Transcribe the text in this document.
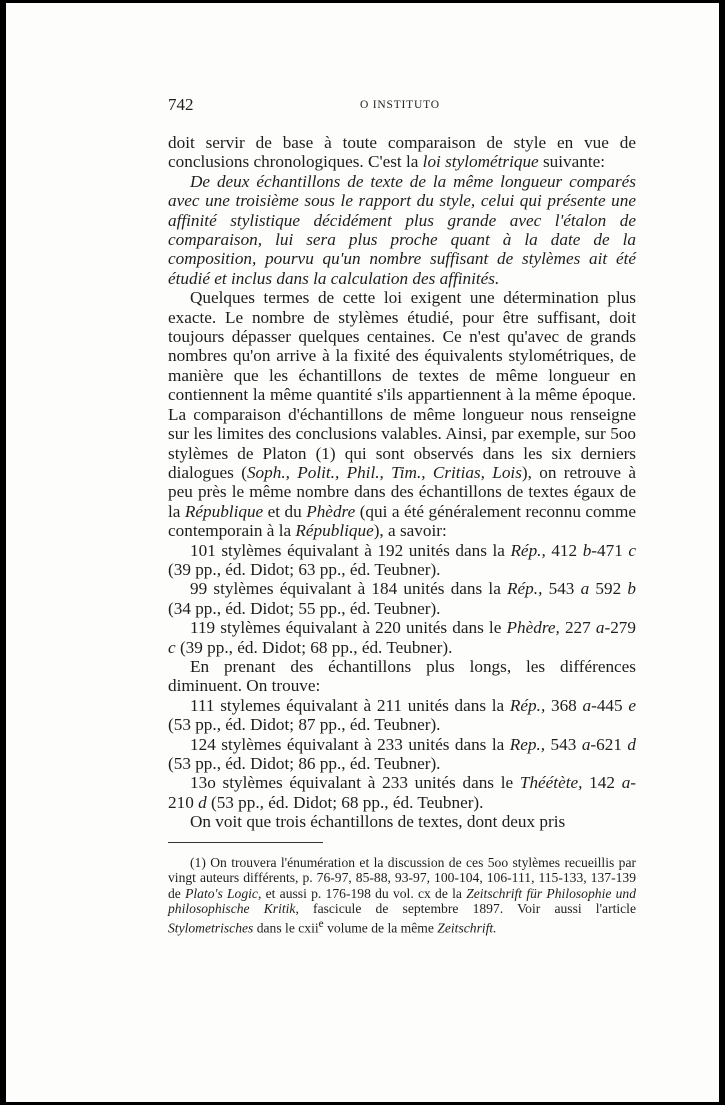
742	O INSTITUTO

doit servir de base à toute comparaison de style en vue de conclusions chronologiques. C'est la loi stylométrique suivante:

De deux échantillons de texte de la même longueur comparés avec une troisième sous le rapport du style, celui qui présente une affinité stylistique décidément plus grande avec l'étalon de comparaison, lui sera plus proche quant à la date de la composition, pourvu qu'un nombre suffisant de stylèmes ait été étudié et inclus dans la calculation des affinités.

Quelques termes de cette loi exigent une détermination plus exacte. Le nombre de stylèmes étudié, pour être suffisant, doit toujours dépasser quelques centaines. Ce n'est qu'avec de grands nombres qu'on arrive à la fixité des équivalents stylométriques, de manière que les échantillons de textes de même longueur en contiennent la même quantité s'ils appartiennent à la même époque. La comparaison d'échantillons de même longueur nous renseigne sur les limites des conclusions valables. Ainsi, par exemple, sur 5oo stylèmes de Platon (1) qui sont observés dans les six derniers dialogues (Soph., Polit., Phil., Tim., Critias, Lois), on retrouve à peu près le même nombre dans des échantillons de textes égaux de la République et du Phèdre (qui a été généralement reconnu comme contemporain à la République), a savoir:

101 stylèmes équivalant à 192 unités dans la Rép., 412 b-471 c (39 pp., éd. Didot; 63 pp., éd. Teubner).

99 stylèmes équivalant à 184 unités dans la Rép., 543 a 592 b (34 pp., éd. Didot; 55 pp., éd. Teubner).

119 stylèmes équivalant à 220 unités dans le Phèdre, 227 a-279 c (39 pp., éd. Didot; 68 pp., éd. Teubner).

En prenant des échantillons plus longs, les différences diminuent. On trouve:

111 stylemes équivalant à 211 unités dans la Rép., 368 a-445 e (53 pp., éd. Didot; 87 pp., éd. Teubner).

124 stylèmes équivalant à 233 unités dans la Rep., 543 a-621 d (53 pp., éd. Didot; 86 pp., éd. Teubner).

13o stylèmes équivalant à 233 unités dans le Théétète, 142 a-210 d (53 pp., éd. Didot; 68 pp., éd. Teubner).

On voit que trois échantillons de textes, dont deux pris

(1) On trouvera l'énumération et la discussion de ces 5oo stylèmes recueillis par vingt auteurs différents, p. 76-97, 85-88, 93-97, 100-104, 106-111, 115-133, 137-139 de Plato's Logic, et aussi p. 176-198 du vol. cx de la Zeitschrift für Philosophie und philosophische Kritik, fascicule de septembre 1897. Voir aussi l'article Stylometrisches dans le cxii$^e$ volume de la même Zeitschrift.
